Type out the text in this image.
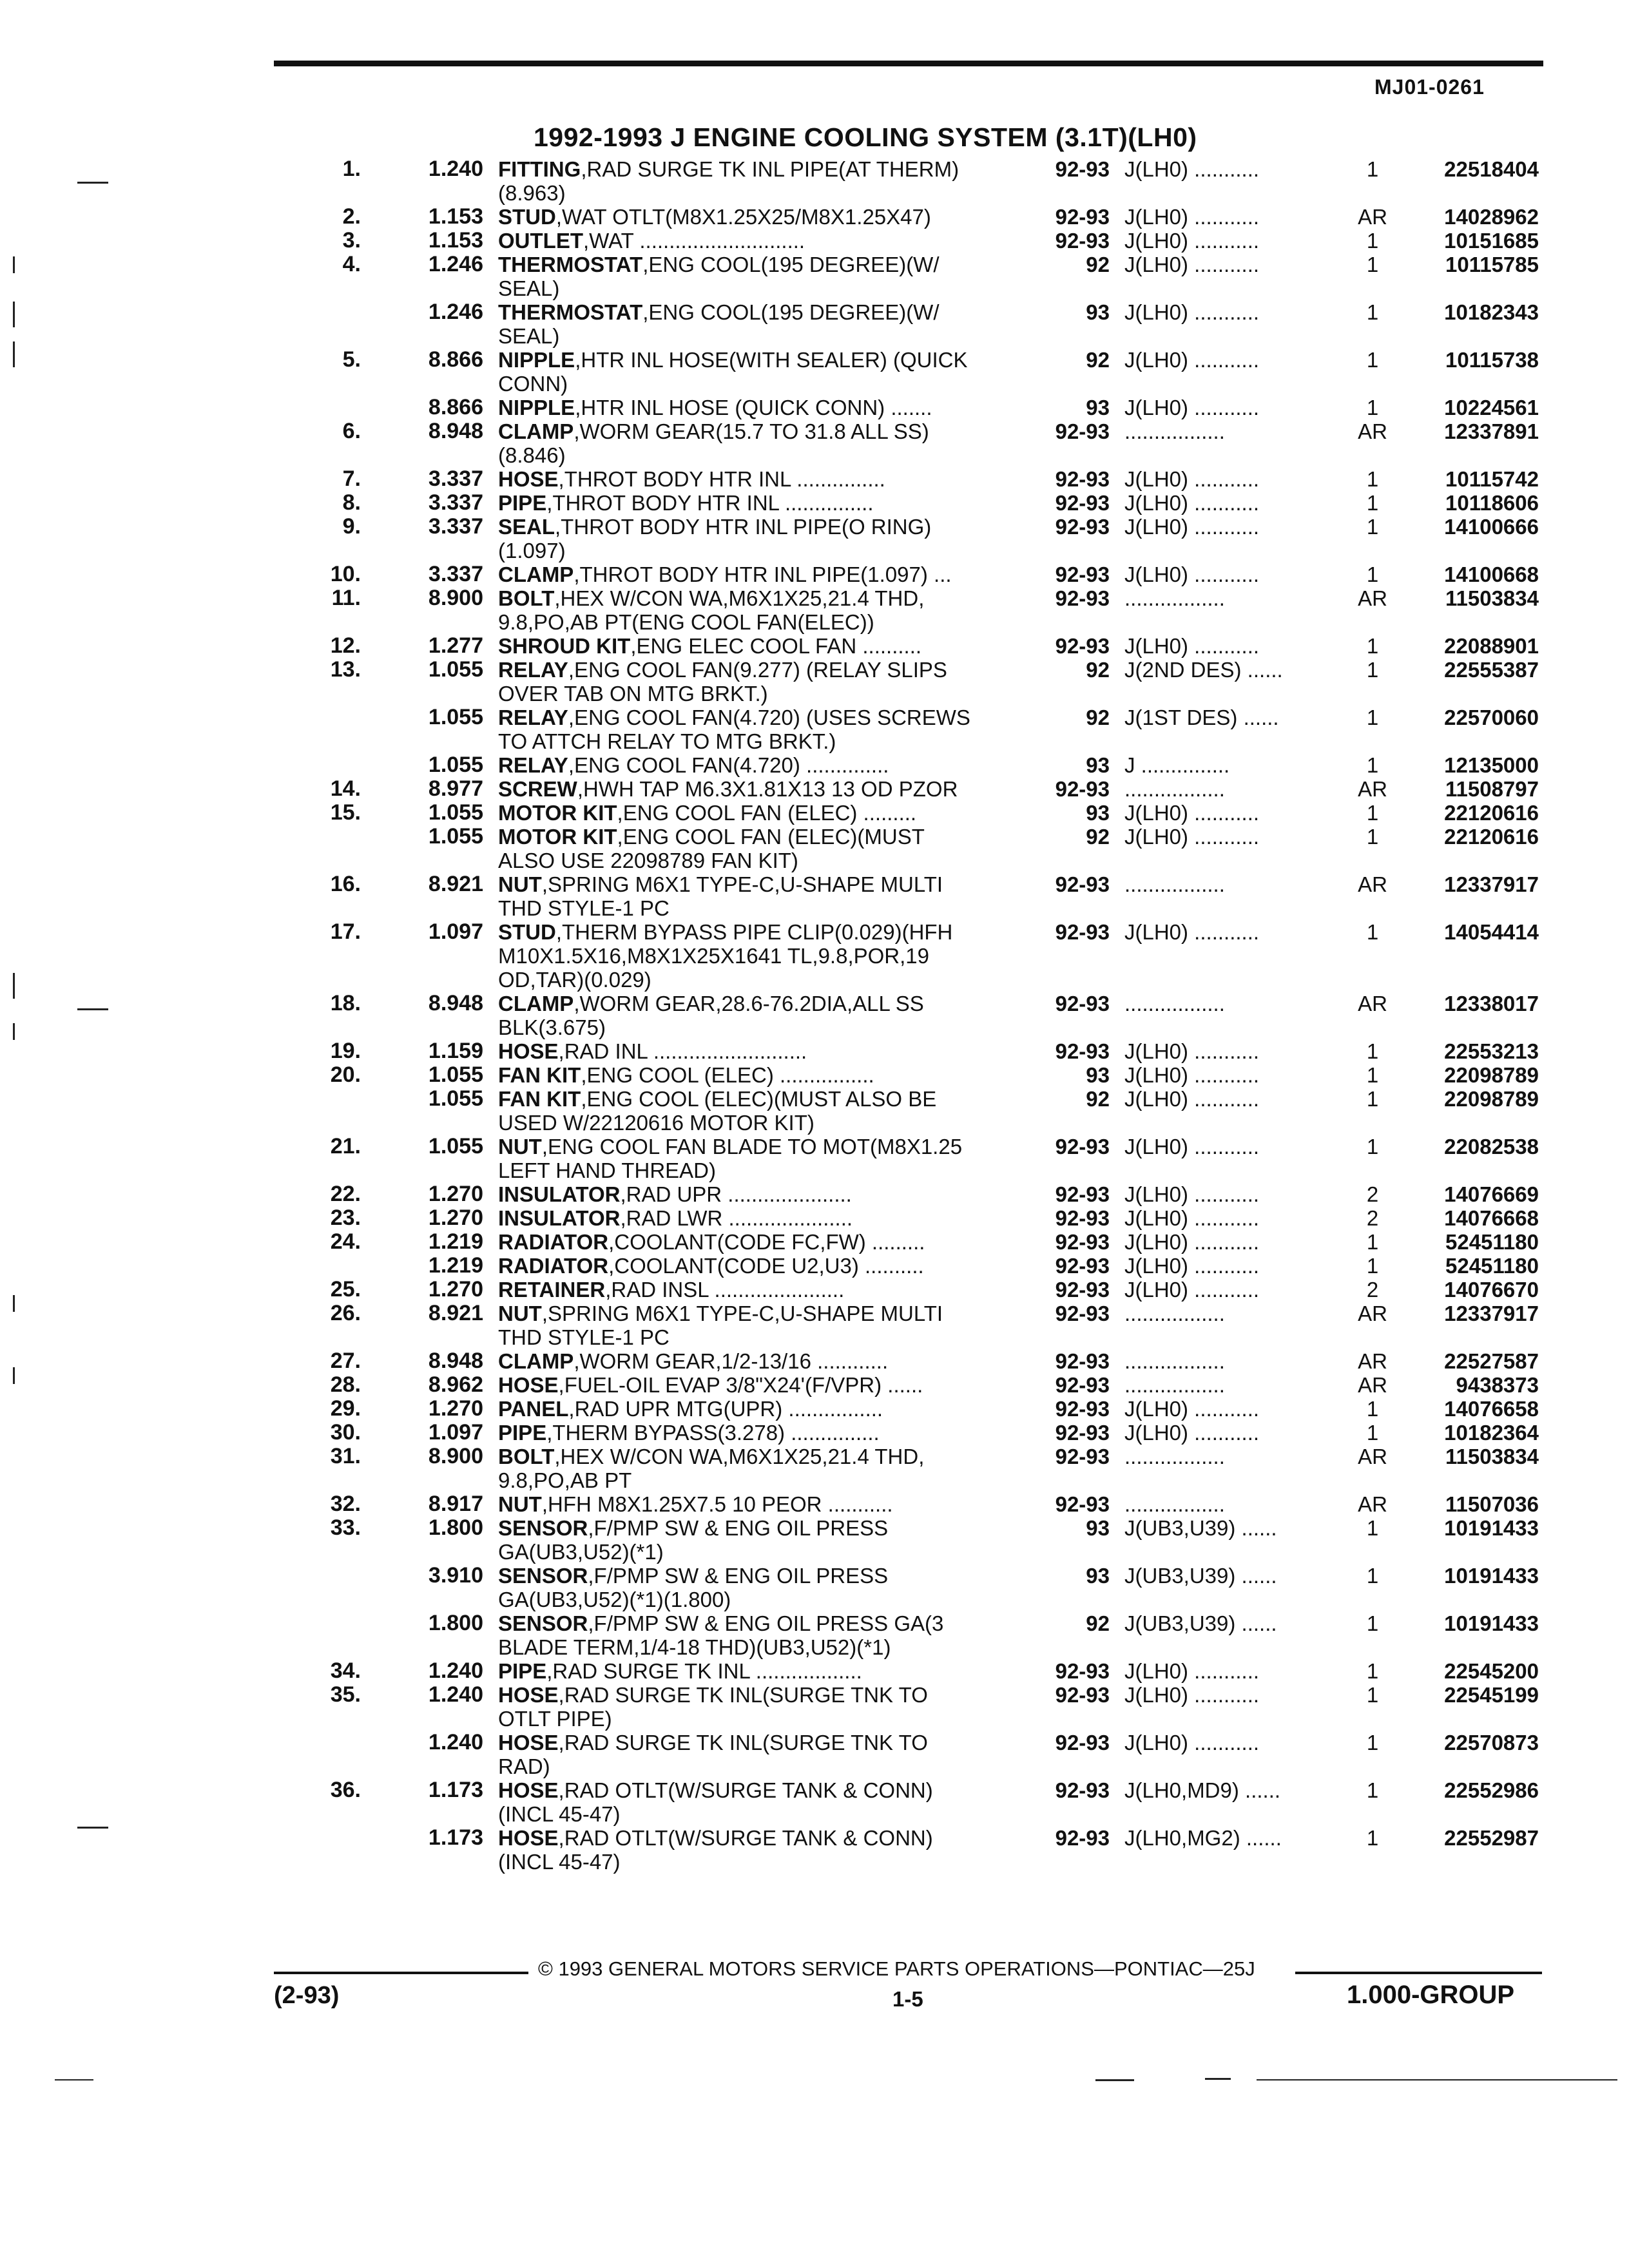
MJ01-0261
1992-1993 J ENGINE COOLING SYSTEM (3.1T)(LH0)
1.	1.240 FITTING,RAD SURGE TK INL PIPE(AT THERM)	92-93 J(LH0) ...........	1	22518404
(8.963)
2.	1.153 STUD,WAT OTLT(M8X1.25X25/M8X1.25X47)	92-93 J(LH0) ...........	AR	14028962
3.	1.153 OUTLET,WAT ............................	92-93 J(LH0) ...........	1	10151685
4.	1.246 THERMOSTAT,ENG COOL(195 DEGREE)(W/	92 J(LH0) ...........	1	10115785
SEAL)
1.246 THERMOSTAT,ENG COOL(195 DEGREE)(W/	93 J(LH0) ...........	1	10182343
SEAL)
5.	8.866 NIPPLE,HTR INL HOSE(WITH SEALER) (QUICK	92 J(LH0) ...........	1	10115738
CONN)
8.866 NIPPLE,HTR INL HOSE (QUICK CONN) .......	93 J(LH0) ...........	1	10224561
6.	8.948 CLAMP,WORM GEAR(15.7 TO 31.8 ALL SS)	92-93 .................	AR	12337891
(8.846)
7.	3.337 HOSE,THROT BODY HTR INL ...............	92-93 J(LH0) ...........	1	10115742
8.	3.337 PIPE,THROT BODY HTR INL ...............	92-93 J(LH0) ...........	1	10118606
9.	3.337 SEAL,THROT BODY HTR INL PIPE(O RING)	92-93 J(LH0) ...........	1	14100666
(1.097)
10.	3.337 CLAMP,THROT BODY HTR INL PIPE(1.097) ...	92-93 J(LH0) ...........	1	14100668
11.	8.900 BOLT,HEX W/CON WA,M6X1X25,21.4 THD,	92-93 .................	AR	11503834
9.8,PO,AB PT(ENG COOL FAN(ELEC))
12.	1.277 SHROUD KIT,ENG ELEC COOL FAN ..........	92-93 J(LH0) ...........	1	22088901
13.	1.055 RELAY,ENG COOL FAN(9.277) (RELAY SLIPS	92 J(2ND DES) ......	1	22555387
OVER TAB ON MTG BRKT.)
1.055 RELAY,ENG COOL FAN(4.720) (USES SCREWS	92 J(1ST DES) ......	1	22570060
TO ATTCH RELAY TO MTG BRKT.)
1.055 RELAY,ENG COOL FAN(4.720) ..............	93 J ...............	1	12135000
14.	8.977 SCREW,HWH TAP M6.3X1.81X13 13 OD PZOR	92-93 .................	AR	11508797
15.	1.055 MOTOR KIT,ENG COOL FAN (ELEC) .........	93 J(LH0) ...........	1	22120616
1.055 MOTOR KIT,ENG COOL FAN (ELEC)(MUST	92 J(LH0) ...........	1	22120616
ALSO USE 22098789 FAN KIT)
16.	8.921 NUT,SPRING M6X1 TYPE-C,U-SHAPE MULTI	92-93 .................	AR	12337917
THD STYLE-1 PC
17.	1.097 STUD,THERM BYPASS PIPE CLIP(0.029)(HFH	92-93 J(LH0) ...........	1	14054414
M10X1.5X16,M8X1X25X1641 TL,9.8,POR,19
OD,TAR)(0.029)
18.	8.948 CLAMP,WORM GEAR,28.6-76.2DIA,ALL SS	92-93 .................	AR	12338017
BLK(3.675)
19.	1.159 HOSE,RAD INL ..........................	92-93 J(LH0) ...........	1	22553213
20.	1.055 FAN KIT,ENG COOL (ELEC) ................	93 J(LH0) ...........	1	22098789
1.055 FAN KIT,ENG COOL (ELEC)(MUST ALSO BE	92 J(LH0) ...........	1	22098789
USED W/22120616 MOTOR KIT)
21.	1.055 NUT,ENG COOL FAN BLADE TO MOT(M8X1.25	92-93 J(LH0) ...........	1	22082538
LEFT HAND THREAD)
22.	1.270 INSULATOR,RAD UPR .....................	92-93 J(LH0) ...........	2	14076669
23.	1.270 INSULATOR,RAD LWR .....................	92-93 J(LH0) ...........	2	14076668
24.	1.219 RADIATOR,COOLANT(CODE FC,FW) .........	92-93 J(LH0) ...........	1	52451180
1.219 RADIATOR,COOLANT(CODE U2,U3) ..........	92-93 J(LH0) ...........	1	52451180
25.	1.270 RETAINER,RAD INSL ......................	92-93 J(LH0) ...........	2	14076670
26.	8.921 NUT,SPRING M6X1 TYPE-C,U-SHAPE MULTI	92-93 .................	AR	12337917
THD STYLE-1 PC
27.	8.948 CLAMP,WORM GEAR,1/2-13/16 ............	92-93 .................	AR	22527587
28.	8.962 HOSE,FUEL-OIL EVAP 3/8"X24'(F/VPR) ......	92-93 .................	AR	9438373
29.	1.270 PANEL,RAD UPR MTG(UPR) ................	92-93 J(LH0) ...........	1	14076658
30.	1.097 PIPE,THERM BYPASS(3.278) ...............	92-93 J(LH0) ...........	1	10182364
31.	8.900 BOLT,HEX W/CON WA,M6X1X25,21.4 THD,	92-93 .................	AR	11503834
9.8,PO,AB PT
32.	8.917 NUT,HFH M8X1.25X7.5 10 PEOR ...........	92-93 .................	AR	11507036
33.	1.800 SENSOR,F/PMP SW & ENG OIL PRESS	93 J(UB3,U39) ......	1	10191433
GA(UB3,U52)(*1)
3.910 SENSOR,F/PMP SW & ENG OIL PRESS	93 J(UB3,U39) ......	1	10191433
GA(UB3,U52)(*1)(1.800)
1.800 SENSOR,F/PMP SW & ENG OIL PRESS GA(3	92 J(UB3,U39) ......	1	10191433
BLADE TERM,1/4-18 THD)(UB3,U52)(*1)
34.	1.240 PIPE,RAD SURGE TK INL ..................	92-93 J(LH0) ...........	1	22545200
35.	1.240 HOSE,RAD SURGE TK INL(SURGE TNK TO	92-93 J(LH0) ...........	1	22545199
OTLT PIPE)
1.240 HOSE,RAD SURGE TK INL(SURGE TNK TO	92-93 J(LH0) ...........	1	22570873
RAD)
36.	1.173 HOSE,RAD OTLT(W/SURGE TANK & CONN)	92-93 J(LH0,MD9) ......	1	22552986
(INCL 45-47)
1.173 HOSE,RAD OTLT(W/SURGE TANK & CONN)	92-93 J(LH0,MG2) ......	1	22552987
(INCL 45-47)
© 1993 GENERAL MOTORS SERVICE PARTS OPERATIONS—PONTIAC—25J
(2-93)	1-5	1.000-GROUP
